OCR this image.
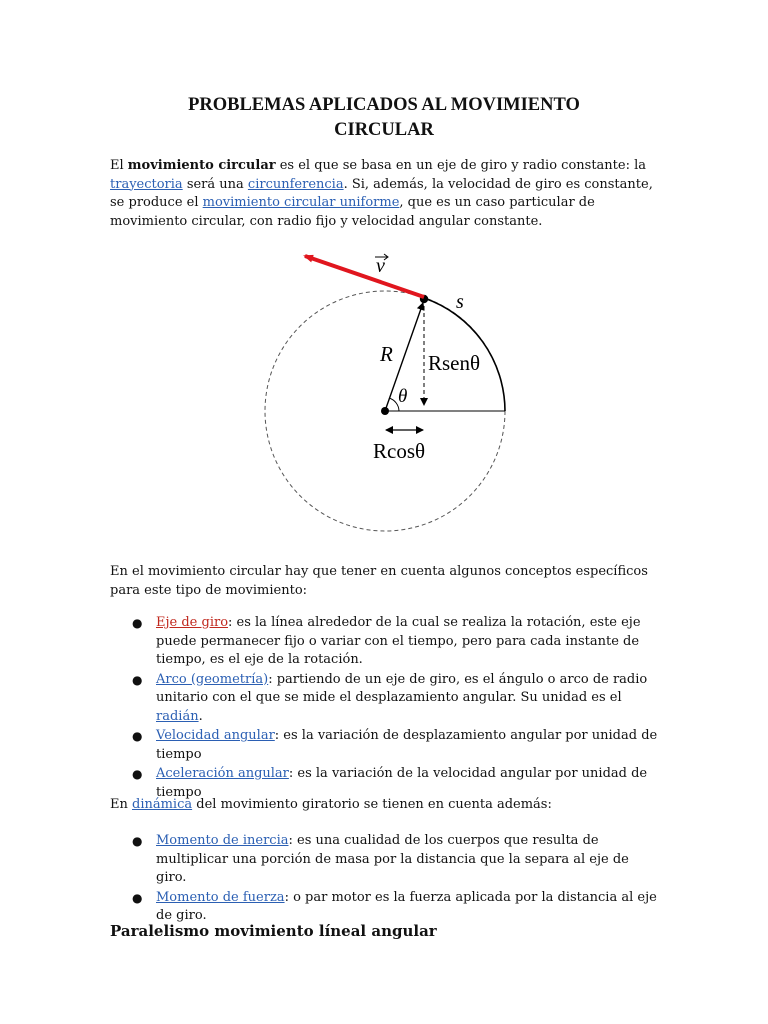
PROBLEMAS APLICADOS AL MOVIMIENTO
CIRCULAR

El movimiento circular es el que se basa en un eje de giro y radio constante: la trayectoria será una circunferencia. Si, además, la velocidad de giro es constante, se produce el movimiento circular uniforme, que es un caso particular de movimiento circular, con radio fijo y velocidad angular constante.

v
s
R Rsenθ
θ
Rcosθ

En el movimiento circular hay que tener en cuenta algunos conceptos específicos para este tipo de movimiento:

● Eje de giro: es la línea alrededor de la cual se realiza la rotación, este eje puede permanecer fijo o variar con el tiempo, pero para cada instante de tiempo, es el eje de la rotación.
● Arco (geometría): partiendo de un eje de giro, es el ángulo o arco de radio unitario con el que se mide el desplazamiento angular. Su unidad es el radián.
● Velocidad angular: es la variación de desplazamiento angular por unidad de tiempo
● Aceleración angular: es la variación de la velocidad angular por unidad de tiempo

En dinámica del movimiento giratorio se tienen en cuenta además:

● Momento de inercia: es una cualidad de los cuerpos que resulta de multiplicar una porción de masa por la distancia que la separa al eje de giro.
● Momento de fuerza: o par motor es la fuerza aplicada por la distancia al eje de giro.
Paralelismo movimiento líneal angular
